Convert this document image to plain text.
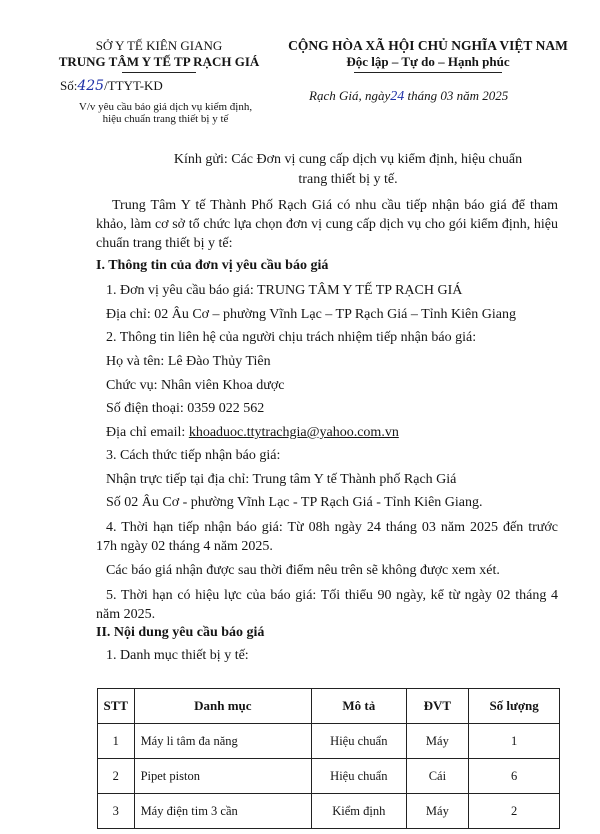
SỞ Y TẾ KIÊN GIANG
TRUNG TÂM Y TẾ TP RẠCH GIÁ
CỘNG HÒA XÃ HỘI CHỦ NGHĨA VIỆT NAM
Độc lập – Tự do – Hạnh phúc
Số:425/TTYT-KD
V/v yêu cầu báo giá dịch vụ kiểm định,
hiệu chuẩn trang thiết bị y tế
Rạch Giá, ngày24 tháng 03 năm 2025
Kính gửi: Các Đơn vị cung cấp dịch vụ kiểm định, hiệu chuẩn
trang thiết bị y tế.
Trung Tâm Y tế Thành Phố Rạch Giá có nhu cầu tiếp nhận báo giá để tham khảo, làm cơ sở tổ chức lựa chọn đơn vị cung cấp dịch vụ cho gói kiểm định, hiệu chuẩn trang thiết bị y tế:
I. Thông tin của đơn vị yêu cầu báo giá
1. Đơn vị yêu cầu báo giá: TRUNG TÂM Y TẾ TP RẠCH GIÁ
Địa chỉ: 02 Âu Cơ – phường Vĩnh Lạc – TP Rạch Giá – Tỉnh Kiên Giang
2. Thông tin liên hệ của người chịu trách nhiệm tiếp nhận báo giá:
Họ và tên: Lê Đào Thủy Tiên
Chức vụ: Nhân viên Khoa dược
Số điện thoại: 0359 022 562
Địa chỉ email: khoaduoc.ttytrachgia@yahoo.com.vn
3. Cách thức tiếp nhận báo giá:
Nhận trực tiếp tại địa chỉ: Trung tâm Y tế Thành phố Rạch Giá
Số 02 Âu Cơ - phường Vĩnh Lạc - TP Rạch Giá - Tỉnh Kiên Giang.
4. Thời hạn tiếp nhận báo giá: Từ 08h ngày 24 tháng 03 năm 2025 đến trước 17h ngày 02 tháng 4 năm 2025.
Các báo giá nhận được sau thời điểm nêu trên sẽ không được xem xét.
5. Thời hạn có hiệu lực của báo giá: Tối thiểu 90 ngày, kể từ ngày 02 tháng 4 năm 2025.
II. Nội dung yêu cầu báo giá
1. Danh mục thiết bị y tế:
STT	Danh mục	Mô tả	ĐVT	Số lượng
1	Máy li tâm đa năng	Hiệu chuẩn	Máy	1
2	Pipet piston	Hiệu chuẩn	Cái	6
3	Máy điện tim 3 cần	Kiểm định	Máy	2
